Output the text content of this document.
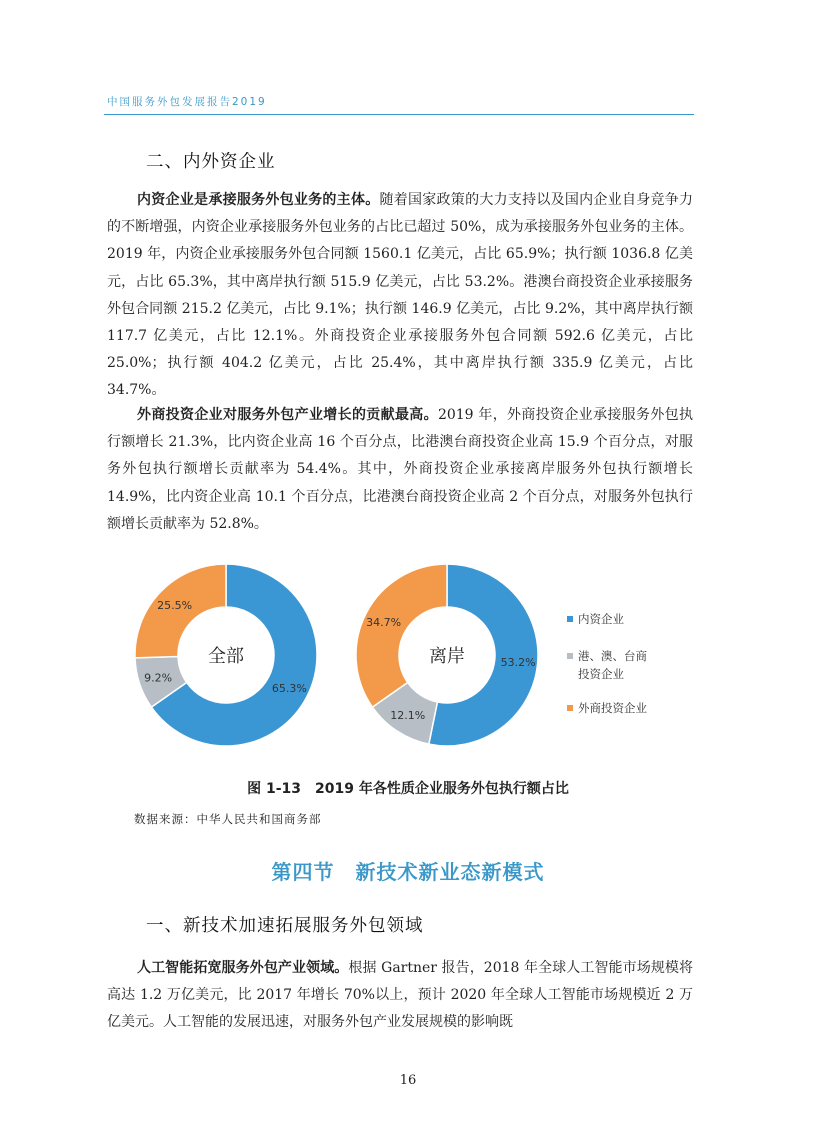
中国服务外包发展报告2019
二、内外资企业

内资企业是承接服务外包业务的主体。随着国家政策的大力支持以及国内企业自身竞争力的不断增强，内资企业承接服务外包业务的占比已超过 50%，成为承接服务外包业务的主体。2019 年，内资企业承接服务外包合同额 1560.1 亿美元，占比 65.9%；执行额 1036.8 亿美元，占比 65.3%，其中离岸执行额 515.9 亿美元，占比 53.2%。港澳台商投资企业承接服务外包合同额 215.2 亿美元，占比 9.1%；执行额 146.9 亿美元，占比 9.2%，其中离岸执行额 117.7 亿美元，占比 12.1%。外商投资企业承接服务外包合同额 592.6 亿美元，占比 25.0%；执行额 404.2 亿美元，占比 25.4%，其中离岸执行额 335.9 亿美元，占比 34.7%。

外商投资企业对服务外包产业增长的贡献最高。2019 年，外商投资企业承接服务外包执行额增长 21.3%，比内资企业高 16 个百分点，比港澳台商投资企业高 15.9 个百分点，对服务外包执行额增长贡献率为 54.4%。其中，外商投资企业承接离岸服务外包执行额增长 14.9%，比内资企业高 10.1 个百分点，比港澳台商投资企业高 2 个百分点，对服务外包执行额增长贡献率为 52.8%。

65.3%
9.2%
25.5%
全部	53.2%
12.1%
34.7%
离岸
内资企业
港、澳、台商
投资企业
外商投资企业
图 1-13　2019 年各性质企业服务外包执行额占比
数据来源：中华人民共和国商务部
第四节　新技术新业态新模式
一、新技术加速拓展服务外包领域

人工智能拓宽服务外包产业领域。根据 Gartner 报告，2018 年全球人工智能市场规模将高达 1.2 万亿美元，比 2017 年增长 70%以上，预计 2020 年全球人工智能市场规模近 2 万亿美元。人工智能的发展迅速，对服务外包产业发展规模的影响既

16
